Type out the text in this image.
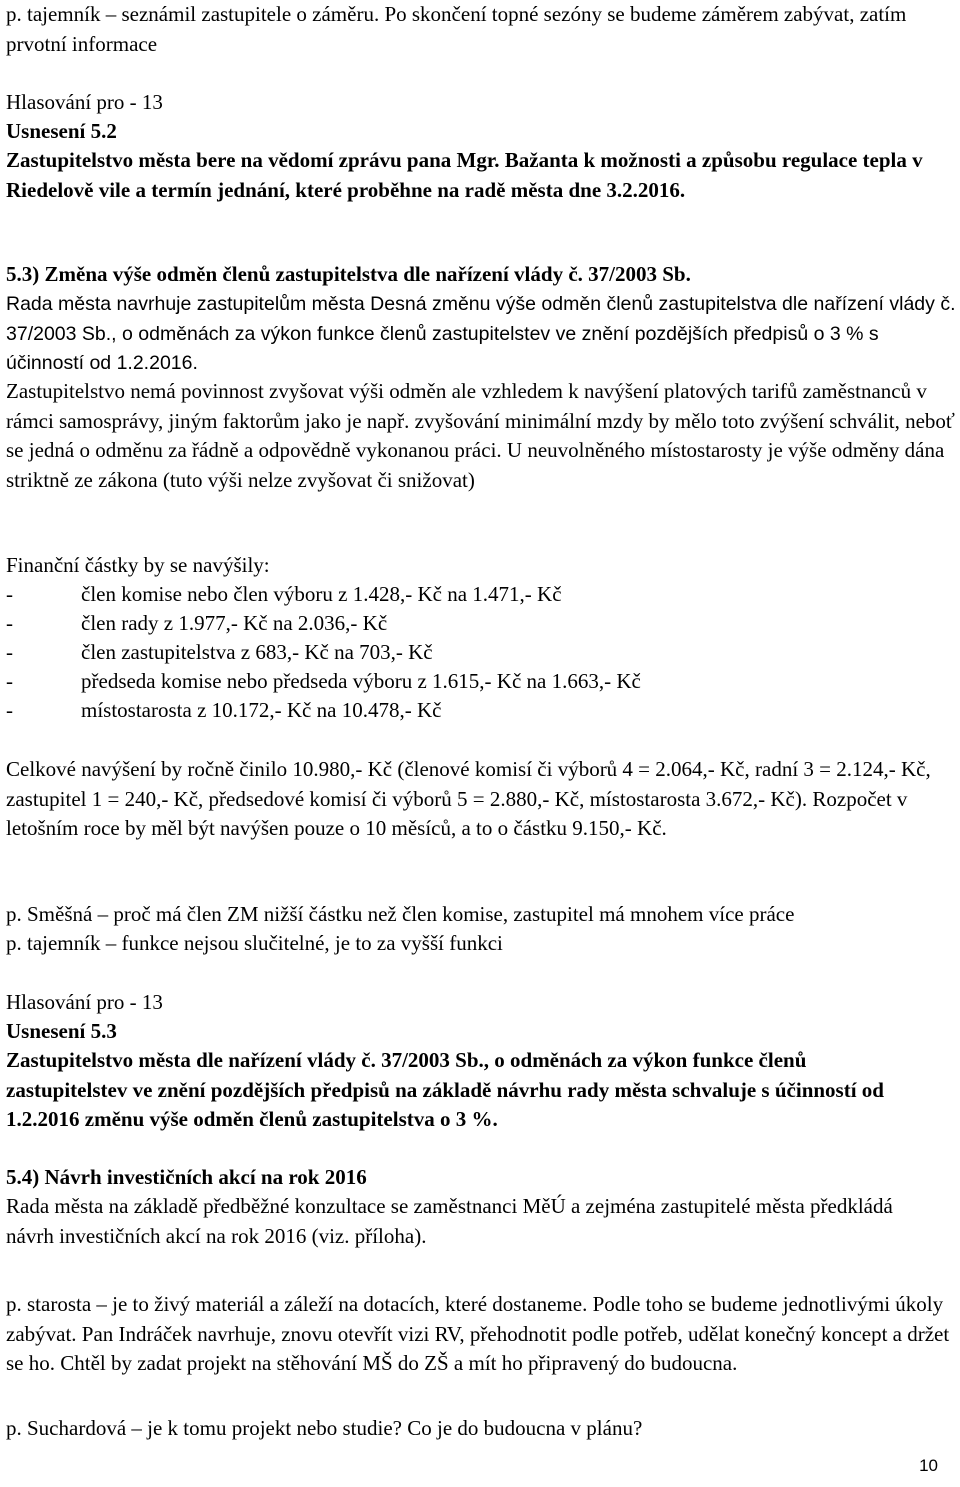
p. tajemník – seznámil zastupitele o záměru. Po skončení topné sezóny se budeme záměrem zabývat, zatím prvotní informace
Hlasování pro - 13
Usnesení 5.2
Zastupitelstvo města bere na vědomí zprávu pana Mgr. Bažanta k možnosti a způsobu regulace tepla v Riedelově vile a termín jednání, které proběhne na radě města dne 3.2.2016.
5.3) Změna výše odměn členů zastupitelstva dle nařízení vlády č. 37/2003 Sb.
Rada města navrhuje zastupitelům města Desná změnu výše odměn členů zastupitelstva dle nařízení vlády č. 37/2003 Sb., o odměnách za výkon funkce členů zastupitelstev ve znění pozdějších předpisů o 3 % s účinností od 1.2.2016.
Zastupitelstvo nemá povinnost zvyšovat výši odměn ale vzhledem k navýšení platových tarifů zaměstnanců v rámci samosprávy, jiným faktorům jako je např. zvyšování minimální mzdy by mělo toto zvýšení schválit, neboť se jedná o odměnu za řádně a odpovědně vykonanou práci. U neuvolněného místostarosty je výše odměny dána striktně ze zákona (tuto výši nelze zvyšovat či snižovat)
Finanční částky by se navýšily:
-	člen komise nebo člen výboru z 1.428,- Kč na 1.471,- Kč
-	člen rady z 1.977,- Kč na 2.036,- Kč
-	člen zastupitelstva z 683,- Kč na 703,- Kč
-	předseda komise nebo předseda výboru z 1.615,- Kč na 1.663,- Kč
-	místostarosta z 10.172,- Kč na 10.478,- Kč
Celkové navýšení by ročně činilo 10.980,- Kč (členové komisí či výborů 4 = 2.064,- Kč, radní 3 = 2.124,- Kč, zastupitel 1 = 240,- Kč, předsedové komisí či výborů 5 = 2.880,- Kč, místostarosta 3.672,- Kč). Rozpočet v letošním roce by měl být navýšen pouze o 10 měsíců, a to o částku 9.150,- Kč.
p. Směšná – proč má člen ZM nižší částku než člen komise, zastupitel má mnohem více práce
p. tajemník – funkce nejsou slučitelné, je to za vyšší funkci
Hlasování pro - 13
Usnesení 5.3
Zastupitelstvo města dle nařízení vlády č. 37/2003 Sb., o odměnách za výkon funkce členů zastupitelstev ve znění pozdějších předpisů na základě návrhu rady města schvaluje s účinností od 1.2.2016 změnu výše odměn členů zastupitelstva o 3 %.
5.4) Návrh investičních akcí na rok 2016
Rada města na základě předběžné konzultace se zaměstnanci MěÚ a zejména zastupitelé města předkládá návrh investičních akcí na rok 2016 (viz. příloha).
p. starosta – je to živý materiál a záleží na dotacích, které dostaneme. Podle toho se budeme jednotlivými úkoly zabývat. Pan Indráček navrhuje, znovu otevřít vizi RV, přehodnotit podle potřeb, udělat konečný koncept a držet se ho. Chtěl by zadat projekt na stěhování MŠ do ZŠ a mít ho připravený do budoucna.
p. Suchardová – je k tomu projekt nebo studie? Co je do budoucna v plánu?
10
